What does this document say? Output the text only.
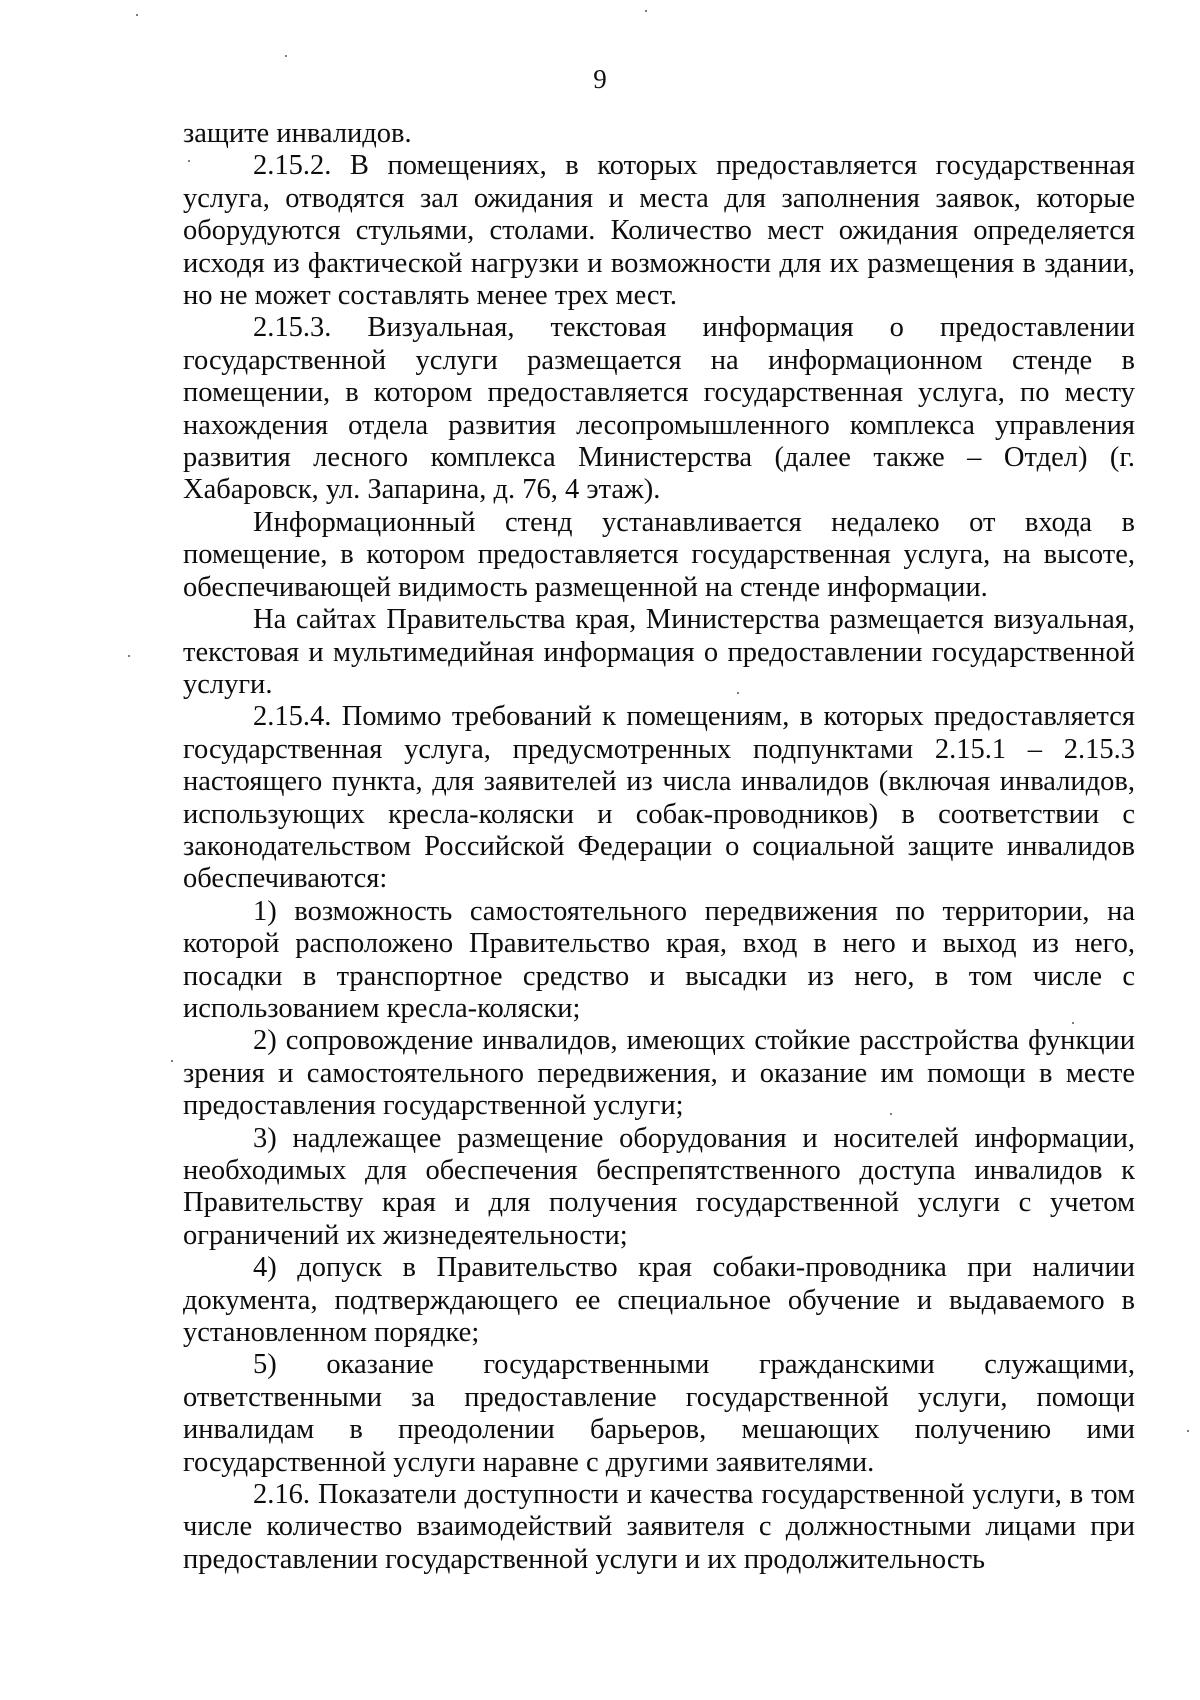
9

защите инвалидов.

2.15.2. В помещениях, в которых предоставляется государственная услуга, отводятся зал ожидания и места для заполнения заявок, которые оборудуются стульями, столами. Количество мест ожидания определяется исходя из фактической нагрузки и возможности для их размещения в здании, но не может составлять менее трех мест.

2.15.3. Визуальная, текстовая информация о предоставлении государственной услуги размещается на информационном стенде в помещении, в котором предоставляется государственная услуга, по месту нахождения отдела развития лесопромышленного комплекса управления развития лесного комплекса Министерства (далее также – Отдел) (г. Хабаровск, ул. Запарина, д. 76, 4 этаж).

Информационный стенд устанавливается недалеко от входа в помещение, в котором предоставляется государственная услуга, на высоте, обеспечивающей видимость размещенной на стенде информации.

На сайтах Правительства края, Министерства размещается визуальная, текстовая и мультимедийная информация о предоставлении государственной услуги.

2.15.4. Помимо требований к помещениям, в которых предоставляется государственная услуга, предусмотренных подпунктами 2.15.1 – 2.15.3 настоящего пункта, для заявителей из числа инвалидов (включая инвалидов, использующих кресла-коляски и собак-проводников) в соответствии с законодательством Российской Федерации о социальной защите инвалидов обеспечиваются:

1) возможность самостоятельного передвижения по территории, на которой расположено Правительство края, вход в него и выход из него, посадки в транспортное средство и высадки из него, в том числе с использованием кресла-коляски;

2) сопровождение инвалидов, имеющих стойкие расстройства функции зрения и самостоятельного передвижения, и оказание им помощи в месте предоставления государственной услуги;

3) надлежащее размещение оборудования и носителей информации, необходимых для обеспечения беспрепятственного доступа инвалидов к Правительству края и для получения государственной услуги с учетом ограничений их жизнедеятельности;

4) допуск в Правительство края собаки-проводника при наличии документа, подтверждающего ее специальное обучение и выдаваемого в установленном порядке;

5) оказание государственными гражданскими служащими, ответственными за предоставление государственной услуги, помощи инвалидам в преодолении барьеров, мешающих получению ими государственной услуги наравне с другими заявителями.

2.16. Показатели доступности и качества государственной услуги, в том числе количество взаимодействий заявителя с должностными лицами при предоставлении государственной услуги и их продолжительность
